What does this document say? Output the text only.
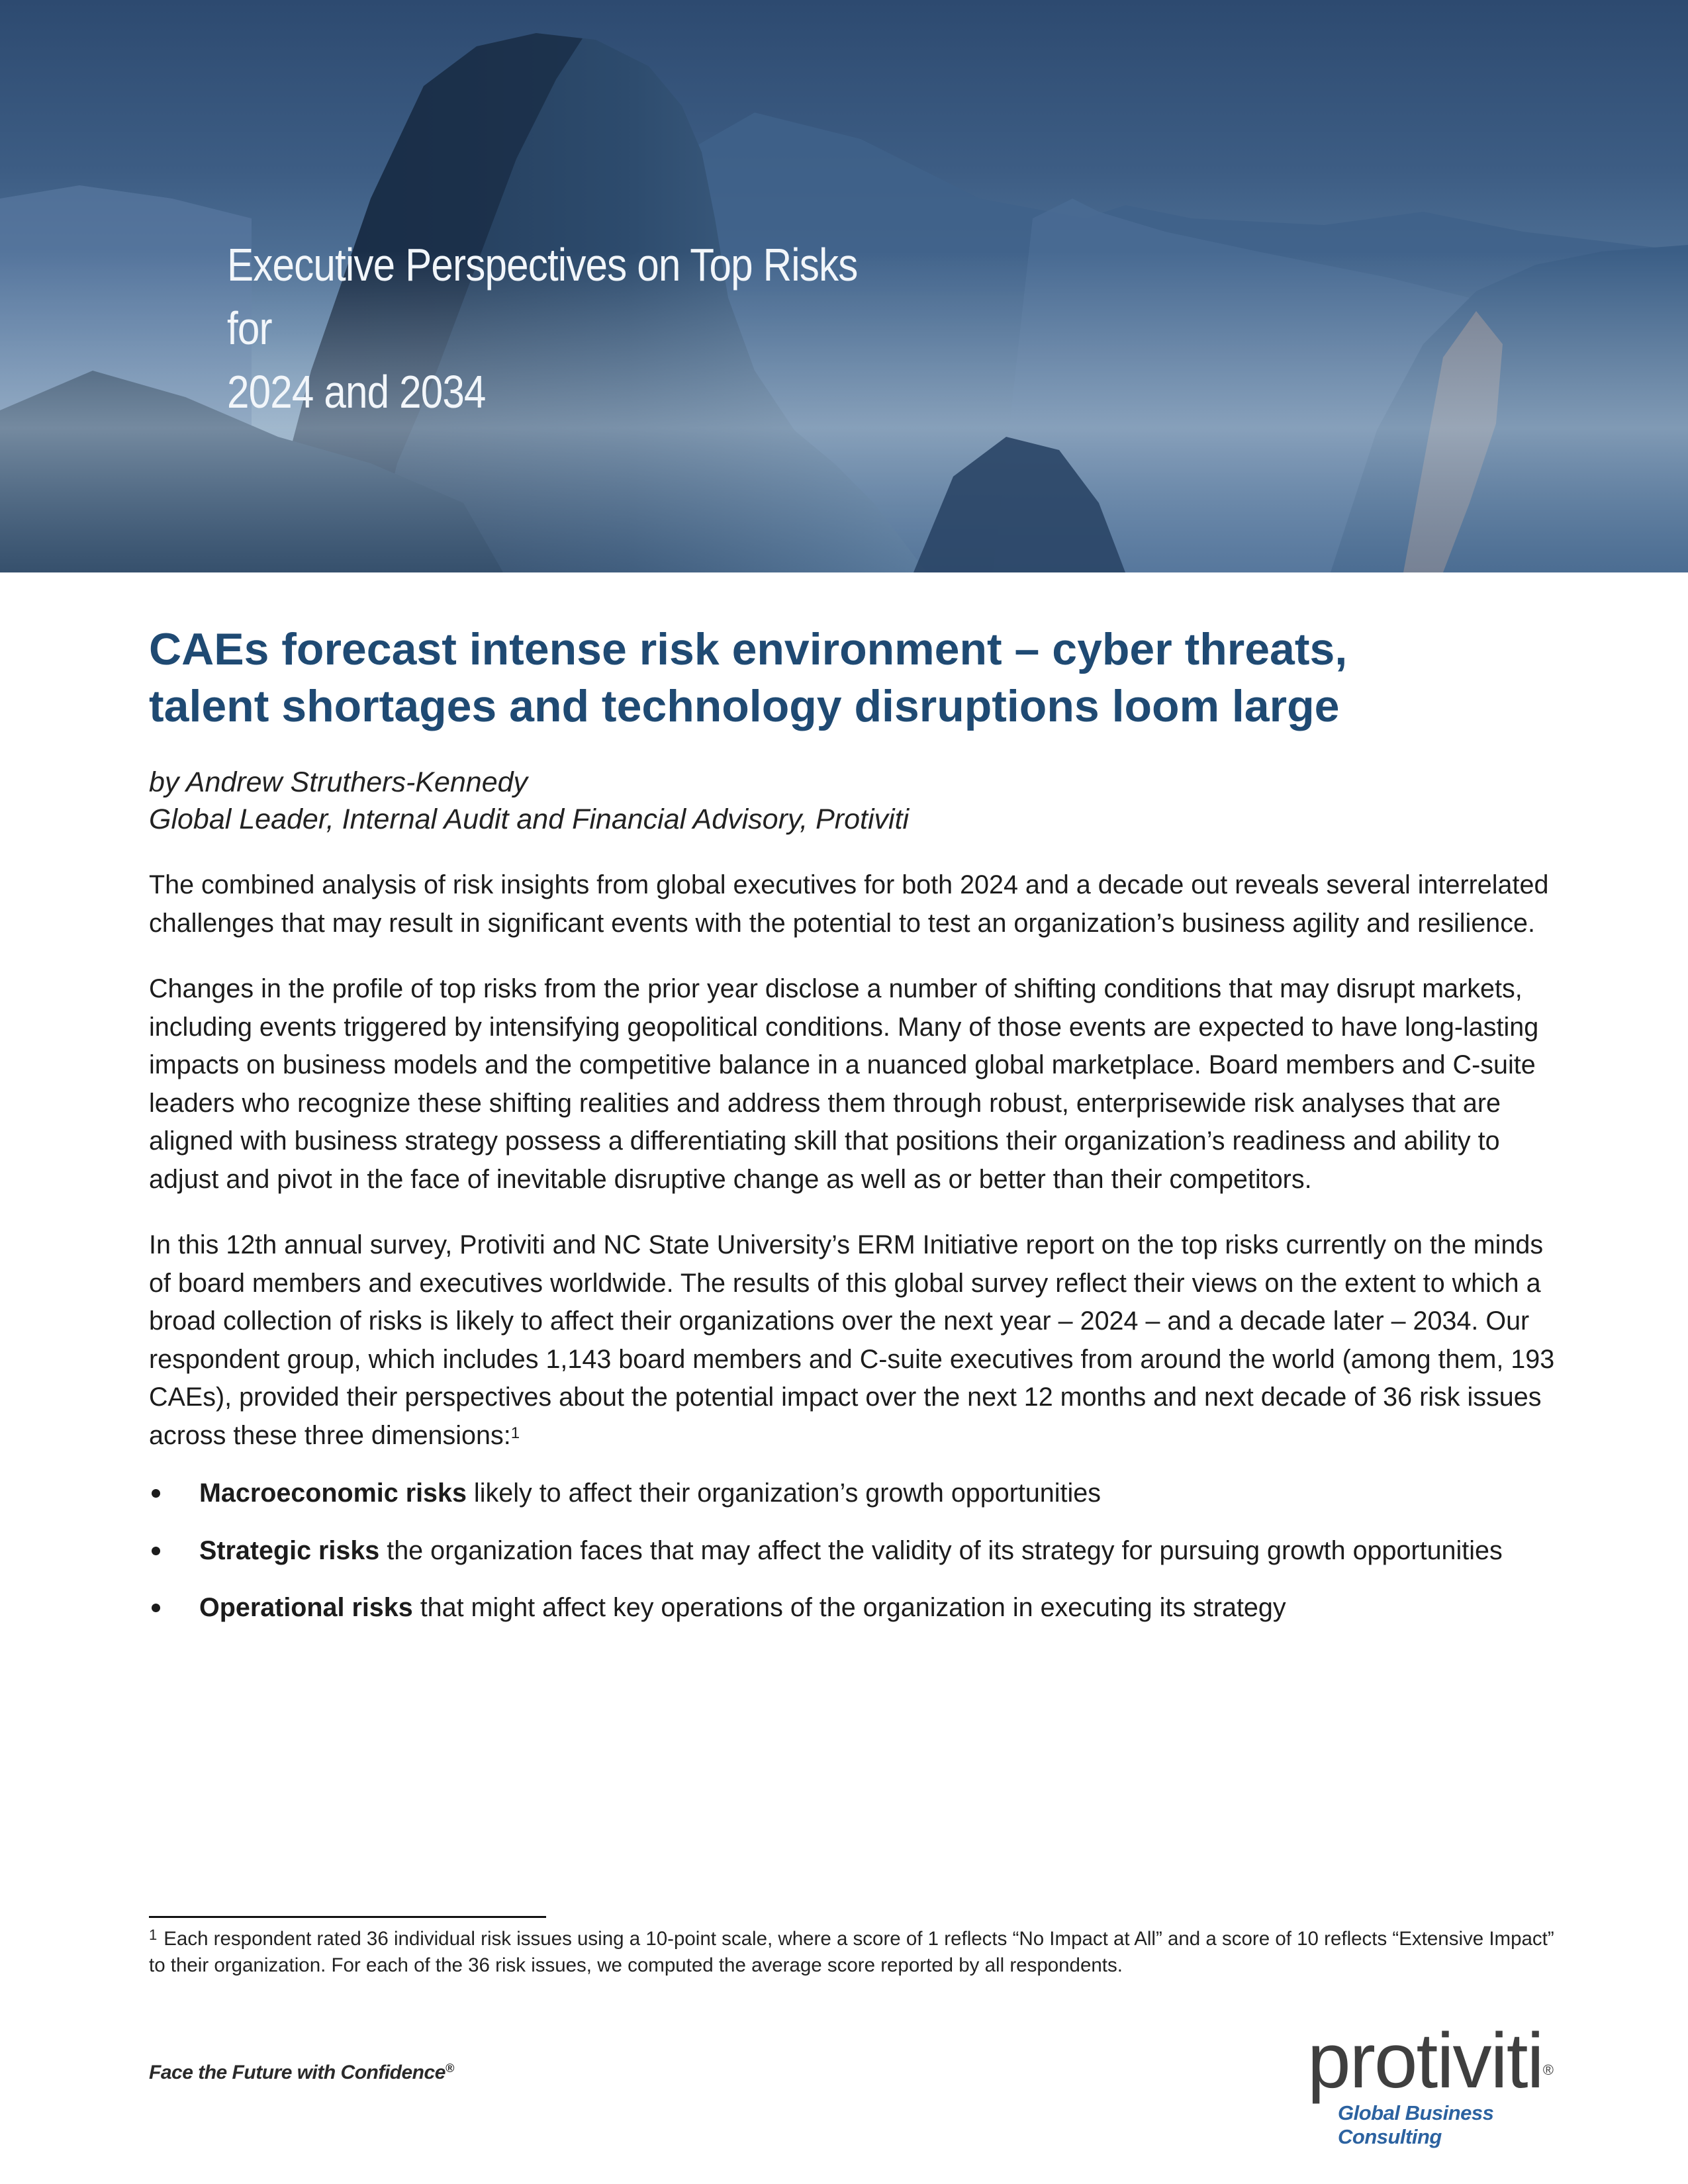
Executive Perspectives on Top Risks for
2024 and 2034
CAEs forecast intense risk environment – cyber threats,
talent shortages and technology disruptions loom large
by Andrew Struthers-Kennedy
Global Leader, Internal Audit and Financial Advisory, Protiviti

The combined analysis of risk insights from global executives for both 2024 and a decade out reveals several interrelated challenges that may result in significant events with the potential to test an organization’s business agility and resilience.

Changes in the profile of top risks from the prior year disclose a number of shifting conditions that may disrupt markets, including events triggered by intensifying geopolitical conditions. Many of those events are expected to have long-lasting impacts on business models and the competitive balance in a nuanced global marketplace. Board members and C-suite leaders who recognize these shifting realities and address them through robust, enterprisewide risk analyses that are aligned with business strategy possess a differentiating skill that positions their organization’s readiness and ability to adjust and pivot in the face of inevitable disruptive change as well as or better than their competitors.

In this 12th annual survey, Protiviti and NC State University’s ERM Initiative report on the top risks currently on the minds of board members and executives worldwide. The results of this global survey reflect their views on the extent to which a broad collection of risks is likely to affect their organizations over the next year – 2024 – and a decade later – 2034. Our respondent group, which includes 1,143 board members and C-suite executives from around the world (among them, 193 CAEs), provided their perspectives about the potential impact over the next 12 months and next decade of 36 risk issues across these three dimensions:$^1$

Macroeconomic risks likely to affect their organization’s growth opportunities
Strategic risks the organization faces that may affect the validity of its strategy for pursuing growth opportunities
Operational risks that might affect key operations of the organization in executing its strategy
$^1$ Each respondent rated 36 individual risk issues using a 10-point scale, where a score of 1 reflects “No Impact at All” and a score of 10 reflects “Extensive Impact” to their organization. For each of the 36 risk issues, we computed the average score reported by all respondents.
Face the Future with Confidence®	protiviti®
Global Business Consulting
